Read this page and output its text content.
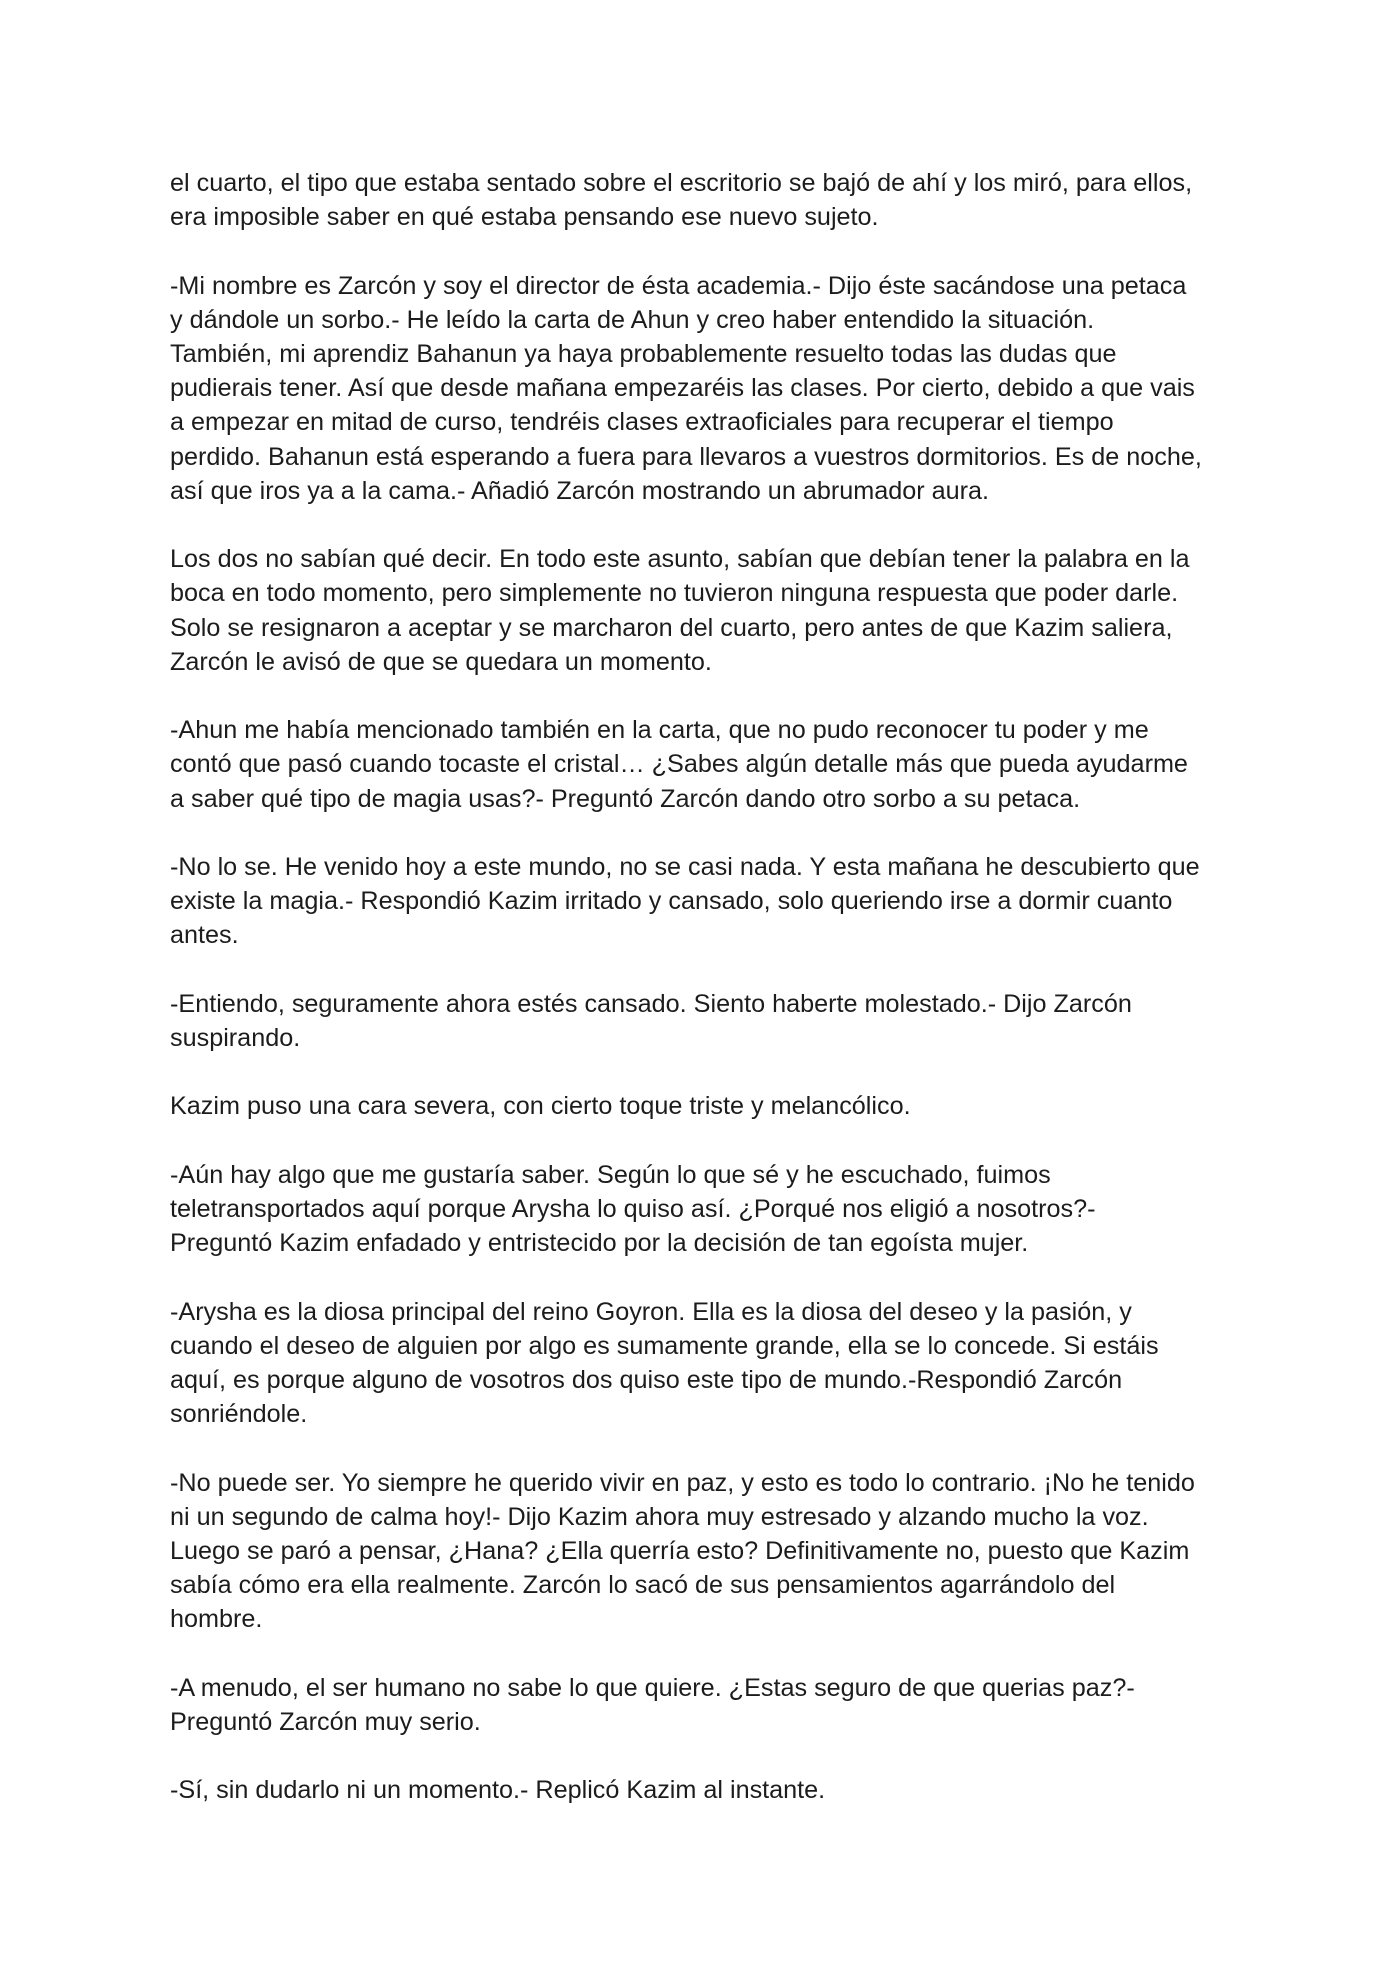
el cuarto, el tipo que estaba sentado sobre el escritorio se bajó de ahí y los miró, para ellos,
era imposible saber en qué estaba pensando ese nuevo sujeto.

-Mi nombre es Zarcón y soy el director de ésta academia.- Dijo éste sacándose una petaca
y dándole un sorbo.- He leído la carta de Ahun y creo haber entendido la situación.
También, mi aprendiz Bahanun ya haya probablemente resuelto todas las dudas que
pudierais tener. Así que desde mañana empezaréis las clases. Por cierto, debido a que vais
a empezar en mitad de curso, tendréis clases extraoficiales para recuperar el tiempo
perdido. Bahanun está esperando a fuera para llevaros a vuestros dormitorios. Es de noche,
así que iros ya a la cama.- Añadió Zarcón mostrando un abrumador aura.

Los dos no sabían qué decir. En todo este asunto, sabían que debían tener la palabra en la
boca en todo momento, pero simplemente no tuvieron ninguna respuesta que poder darle.
Solo se resignaron a aceptar y se marcharon del cuarto, pero antes de que Kazim saliera,
Zarcón le avisó de que se quedara un momento.

-Ahun me había mencionado también en la carta, que no pudo reconocer tu poder y me
contó que pasó cuando tocaste el cristal… ¿Sabes algún detalle más que pueda ayudarme
a saber qué tipo de magia usas?- Preguntó Zarcón dando otro sorbo a su petaca.

-No lo se. He venido hoy a este mundo, no se casi nada. Y esta mañana he descubierto que
existe la magia.- Respondió Kazim irritado y cansado, solo queriendo irse a dormir cuanto
antes.

-Entiendo, seguramente ahora estés cansado. Siento haberte molestado.- Dijo Zarcón
suspirando.

Kazim puso una cara severa, con cierto toque triste y melancólico.

-Aún hay algo que me gustaría saber. Según lo que sé y he escuchado, fuimos
teletransportados aquí porque Arysha lo quiso así. ¿Porqué nos eligió a nosotros?-
Preguntó Kazim enfadado y entristecido por la decisión de tan egoísta mujer.

-Arysha es la diosa principal del reino Goyron. Ella es la diosa del deseo y la pasión, y
cuando el deseo de alguien por algo es sumamente grande, ella se lo concede. Si estáis
aquí, es porque alguno de vosotros dos quiso este tipo de mundo.-Respondió Zarcón
sonriéndole.

-No puede ser. Yo siempre he querido vivir en paz, y esto es todo lo contrario. ¡No he tenido
ni un segundo de calma hoy!- Dijo Kazim ahora muy estresado y alzando mucho la voz.
Luego se paró a pensar, ¿Hana? ¿Ella querría esto? Definitivamente no, puesto que Kazim
sabía cómo era ella realmente. Zarcón lo sacó de sus pensamientos agarrándolo del
hombre.

-A menudo, el ser humano no sabe lo que quiere. ¿Estas seguro de que querias paz?-
Preguntó Zarcón muy serio.

-Sí, sin dudarlo ni un momento.- Replicó Kazim al instante.
